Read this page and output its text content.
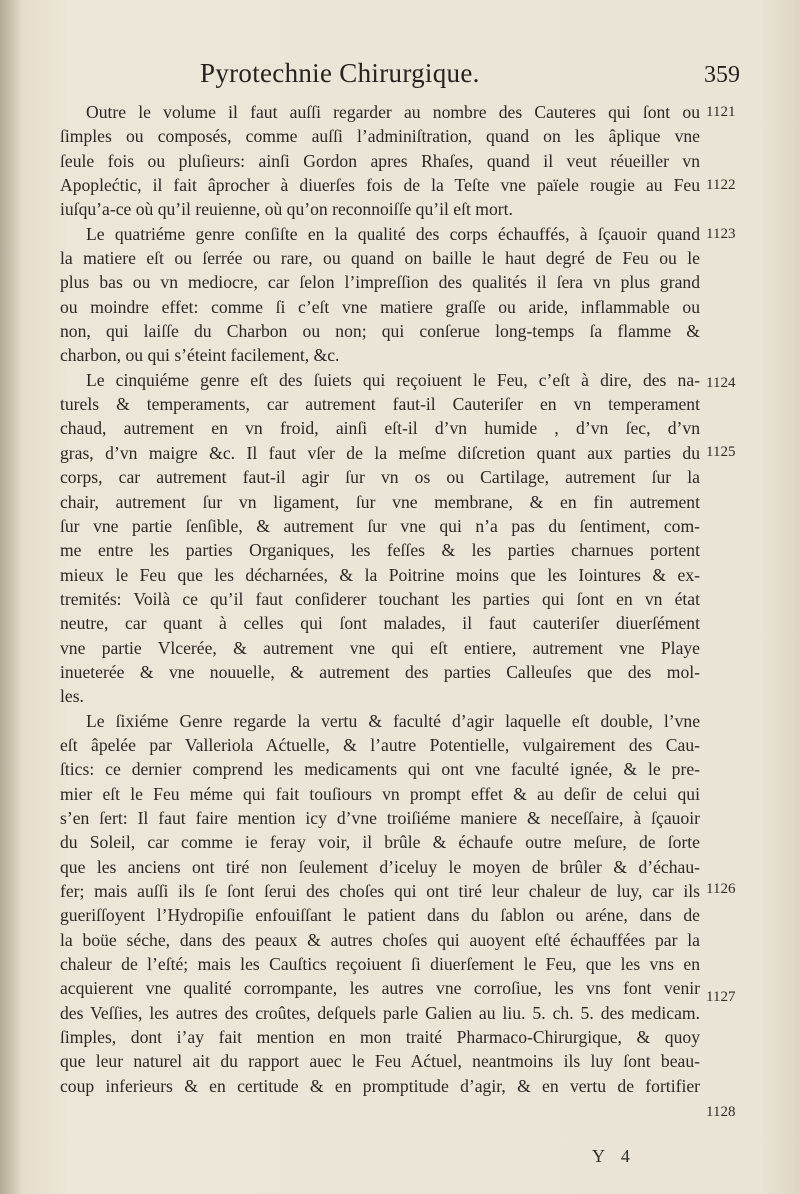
Pyrotechnie Chirurgique.	359
Outre le volume il faut auſſi regarder au nombre des Cauteres qui ſont ou
ſimples ou composés, comme auſſi l’adminiſtration, quand on les âplique vne
ſeule fois ou pluſieurs: ainſi Gordon apres Rhaſes, quand il veut réueiller vn
Apoplećtic, il fait âprocher à diuerſes fois de la Teſte vne païele rougie au Feu
iuſqu’a-ce où qu’il reuienne, où qu’on reconnoiſſe qu’il eſt mort.
Le quatriéme genre conſiſte en la qualité des corps échauffés, à ſçauoir quand
la matiere eſt ou ſerrée ou rare, ou quand on baille le haut degré de Feu ou le
plus bas ou vn mediocre, car ſelon l’impreſſion des qualités il ſera vn plus grand
ou moindre effet: comme ſi c’eſt vne matiere graſſe ou aride, inflammable ou
non, qui laiſſe du Charbon ou non; qui conſerue long-temps ſa flamme &
charbon, ou qui s’éteint facilement, &c.
Le cinquiéme genre eſt des ſuiets qui reçoiuent le Feu, c’eſt à dire, des na-
turels & temperaments, car autrement faut-il Cauteriſer en vn temperament
chaud, autrement en vn froid, ainſi eſt-il d’vn humide , d’vn ſec, d’vn
gras, d’vn maigre &c. Il faut vſer de la meſme diſcretion quant aux parties du
corps, car autrement faut-il agir ſur vn os ou Cartilage, autrement ſur la
chair, autrement ſur vn ligament, ſur vne membrane, & en fin autrement
ſur vne partie ſenſible, & autrement ſur vne qui n’a pas du ſentiment, com-
me entre les parties Organiques, les feſſes & les parties charnues portent
mieux le Feu que les décharnées, & la Poitrine moins que les Iointures & ex-
tremités: Voilà ce qu’il faut conſiderer touchant les parties qui ſont en vn état
neutre, car quant à celles qui ſont malades, il faut cauteriſer diuerſément
vne partie Vlcerée, & autrement vne qui eſt entiere, autrement vne Playe
inueterée & vne nouuelle, & autrement des parties Calleuſes que des mol-
les.
Le ſixiéme Genre regarde la vertu & faculté d’agir laquelle eſt double, l’vne
eſt âpelée par Valleriola Aćtuelle, & l’autre Potentielle, vulgairement des Cau-
ſtics: ce dernier comprend les medicaments qui ont vne faculté ignée, & le pre-
mier eſt le Feu méme qui fait touſiours vn prompt effet & au deſir de celui qui
s’en ſert: Il faut faire mention icy d’vne troiſiéme maniere & neceſſaire, à ſçauoir
du Soleil, car comme ie feray voir, il brûle & échaufe outre meſure, de ſorte
que les anciens ont tiré non ſeulement d’iceluy le moyen de brûler & d’échau-
fer; mais auſſi ils ſe ſont ſerui des choſes qui ont tiré leur chaleur de luy, car ils
gueriſſoyent l’Hydropiſie enfouiſſant le patient dans du ſablon ou aréne, dans de
la boüe séche, dans des peaux & autres choſes qui auoyent eſté échauffées par la
chaleur de l’eſté; mais les Cauſtics reçoiuent ſi diuerſement le Feu, que les vns en
acquierent vne qualité corrompante, les autres vne corroſiue, les vns font venir
des Veſſies, les autres des croûtes, deſquels parle Galien au liu. 5. ch. 5. des medicam.
ſimples, dont i’ay fait mention en mon traité Pharmaco-Chirurgique, & quoy
que leur naturel ait du rapport auec le Feu Aćtuel, neantmoins ils luy ſont beau-
coup inferieurs & en certitude & en promptitude d’agir, & en vertu de fortifier
1121
1122
1123
1124
1125
1126
1127
1128
Y 4
